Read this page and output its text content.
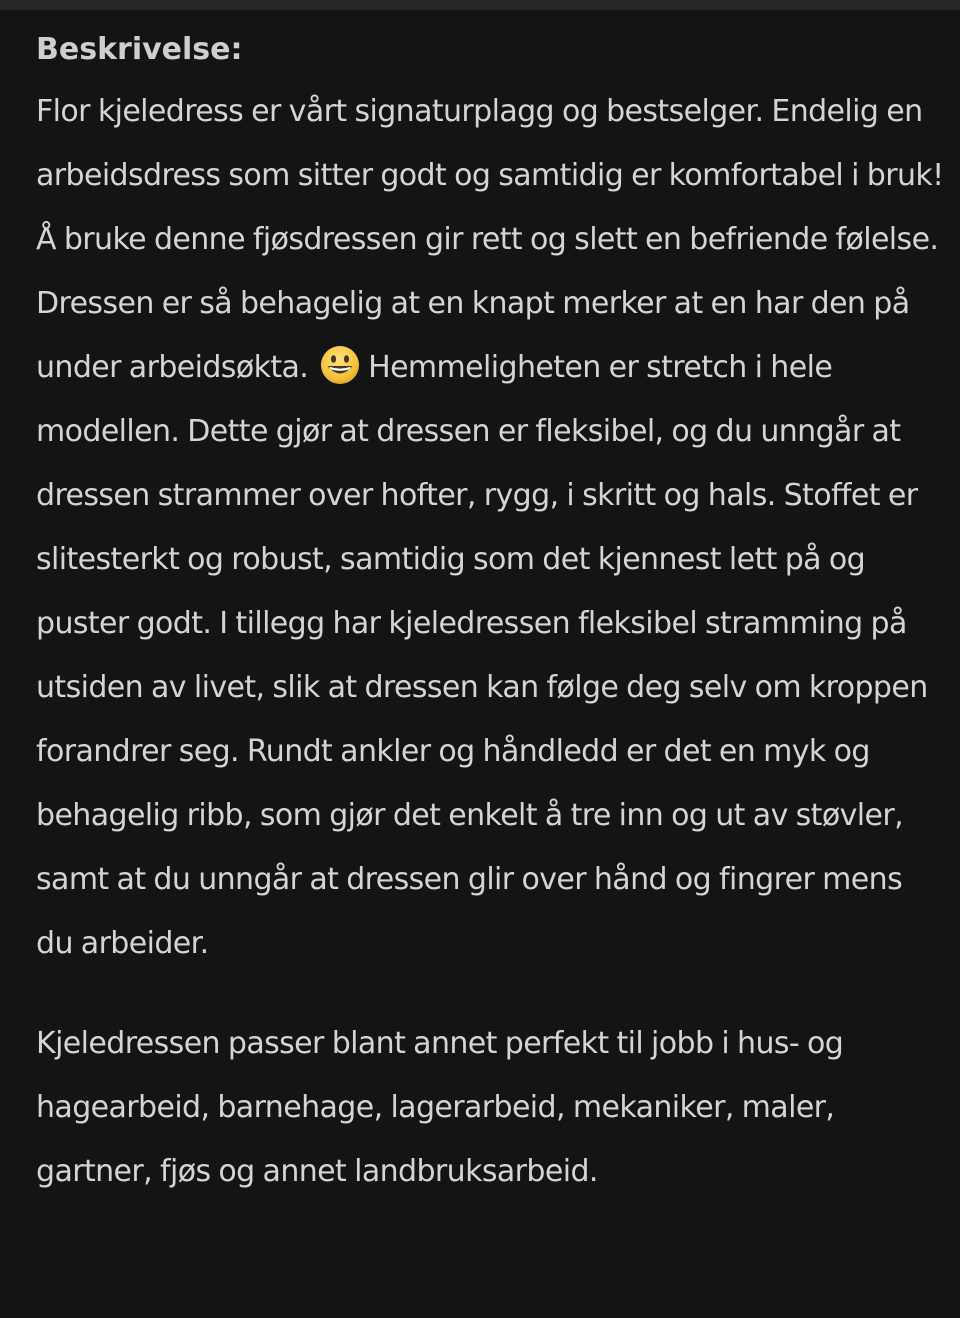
Beskrivelse:

Flor kjeledress er vårt signaturplagg og bestselger. Endelig en arbeidsdress som sitter godt og samtidig er komfortabel i bruk! Å bruke denne fjøsdressen gir rett og slett en befriende følelse. Dressen er så behagelig at en knapt merker at en har den på under arbeidsøkta. Hemmeligheten er stretch i hele modellen. Dette gjør at dressen er fleksibel, og du unngår at dressen strammer over hofter, rygg, i skritt og hals. Stoffet er slitesterkt og robust, samtidig som det kjennest lett på og puster godt. I tillegg har kjeledressen fleksibel stramming på utsiden av livet, slik at dressen kan følge deg selv om kroppen forandrer seg. Rundt ankler og håndledd er det en myk og behagelig ribb, som gjør det enkelt å tre inn og ut av støvler, samt at du unngår at dressen glir over hånd og fingrer mens du arbeider.

Kjeledressen passer blant annet perfekt til jobb i hus- og hagearbeid, barnehage, lagerarbeid, mekaniker, maler, gartner, fjøs og annet landbruksarbeid.
